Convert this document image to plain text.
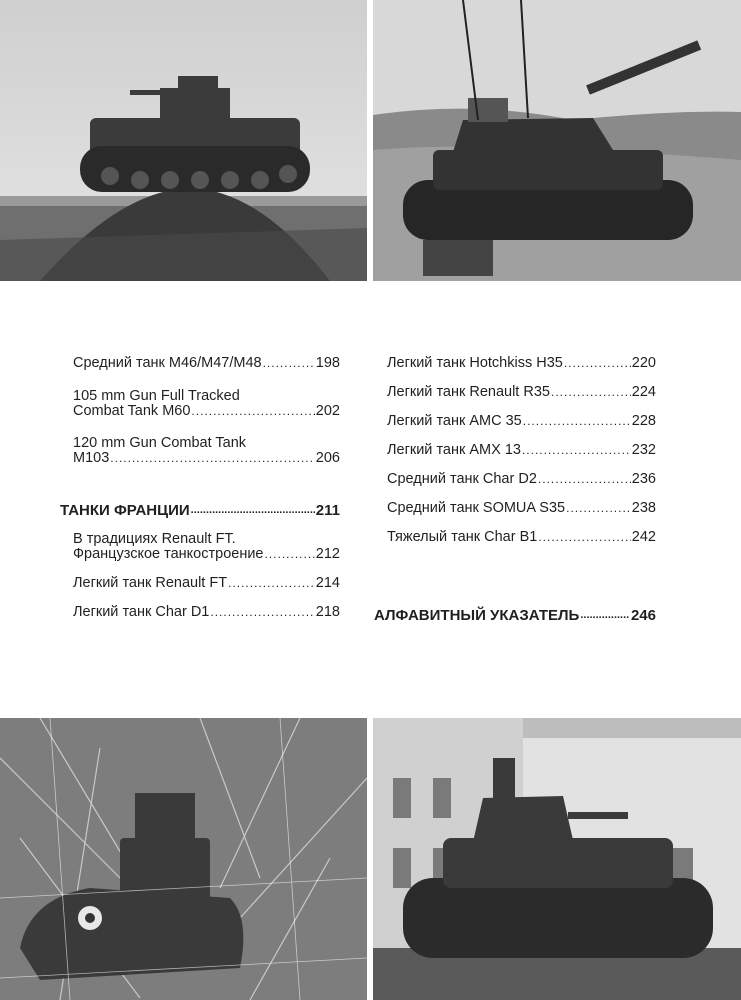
Средний танк М46/М47/М48 .....	198
105 mm Gun Full Tracked
Combat Tank M60 .....	202
120 mm Gun Combat Tank
M103 .....	206
ТАНКИ ФРАНЦИИ .....	211
В традициях Renault FT.
Французское танкостроение .....	212
Легкий танк Renault FT .....	214
Легкий танк Char D1 .....	218
Легкий танк Hotchkiss H35 .....	220
Легкий танк Renault R35 .....	224
Легкий танк AMC 35 .....	228
Легкий танк AMX 13 .....	232
Средний танк Char D2 .....	236
Средний танк SOMUA S35 .....	238
Тяжелый танк Char B1 .....	242
АЛФАВИТНЫЙ УКАЗАТЕЛЬ .....	246
